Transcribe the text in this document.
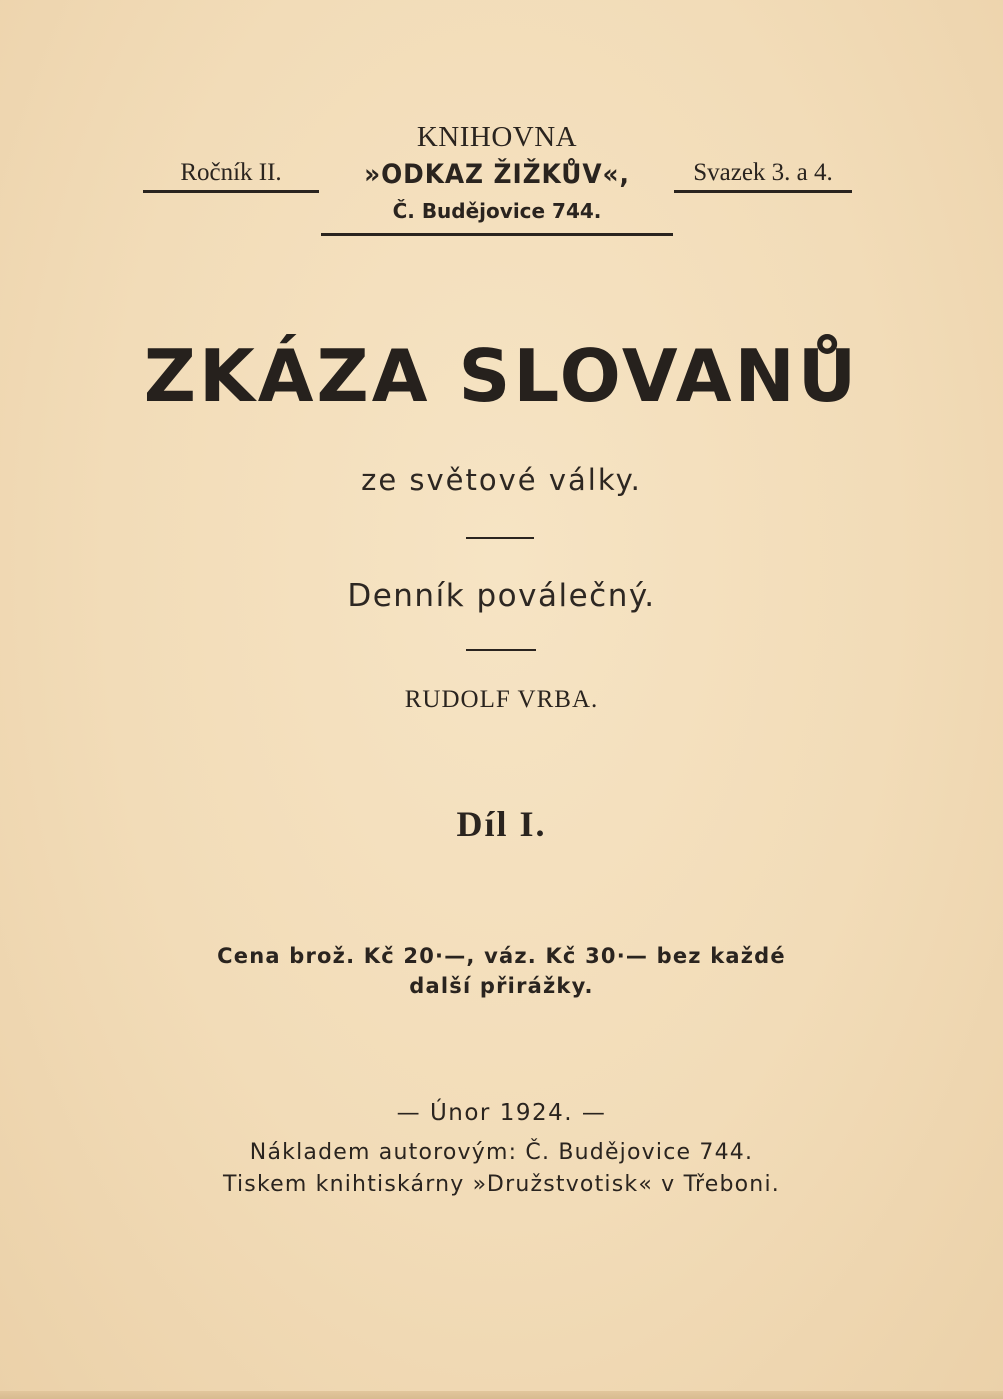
KNIHOVNA
Ročník II.	»ODKAZ ŽIŽKŮV«,	Svazek 3. a 4.
Č. Budějovice 744.
ZKÁZA SLOVANŮ
ze světové války.
Denník poválečný.
RUDOLF VRBA.
Díl I.
Cena brož. Kč 20·—, váz. Kč 30·— bez každé
další přirážky.
— Únor 1924. —
Nákladem autorovým: Č. Budějovice 744.
Tiskem knihtiskárny »Družstvotisk« v Třeboni.
